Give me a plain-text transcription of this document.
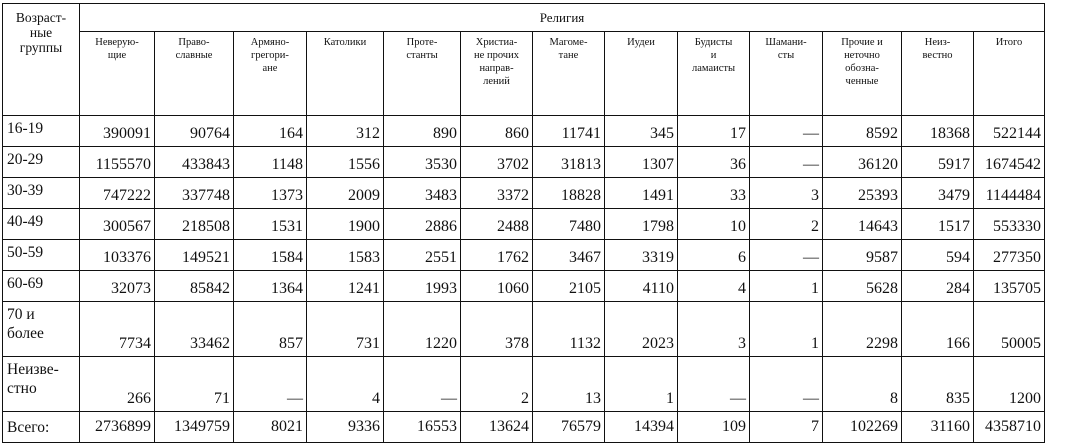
Возраст-
ные
группы	Религия												
	Неверую-
щие	Право-
славные	Армяно-
грегори-
ане	Католики	Проте-
станты	Христиа-
не прочих
направ-
лений	Магоме-
тане	Иудеи	Будисты
и
ламаисты	Шамани-
сты	Прочие и
неточно
обозна-
ченные	Неиз-
вестно	Итого
16-19	390091	90764	164	312	890	860	11741	345	17	—	8592	18368	522144
20-29	1155570	433843	1148	1556	3530	3702	31813	1307	36	—	36120	5917	1674542
30-39	747222	337748	1373	2009	3483	3372	18828	1491	33	3	25393	3479	1144484
40-49	300567	218508	1531	1900	2886	2488	7480	1798	10	2	14643	1517	553330
50-59	103376	149521	1584	1583	2551	1762	3467	3319	6	—	9587	594	277350
60-69	32073	85842	1364	1241	1993	1060	2105	4110	4	1	5628	284	135705
70 и
более	7734	33462	857	731	1220	378	1132	2023	3	1	2298	166	50005
Неизве-
стно	266	71	—	4	—	2	13	1	—	—	8	835	1200
Всего:	2736899	1349759	8021	9336	16553	13624	76579	14394	109	7	102269	31160	4358710
